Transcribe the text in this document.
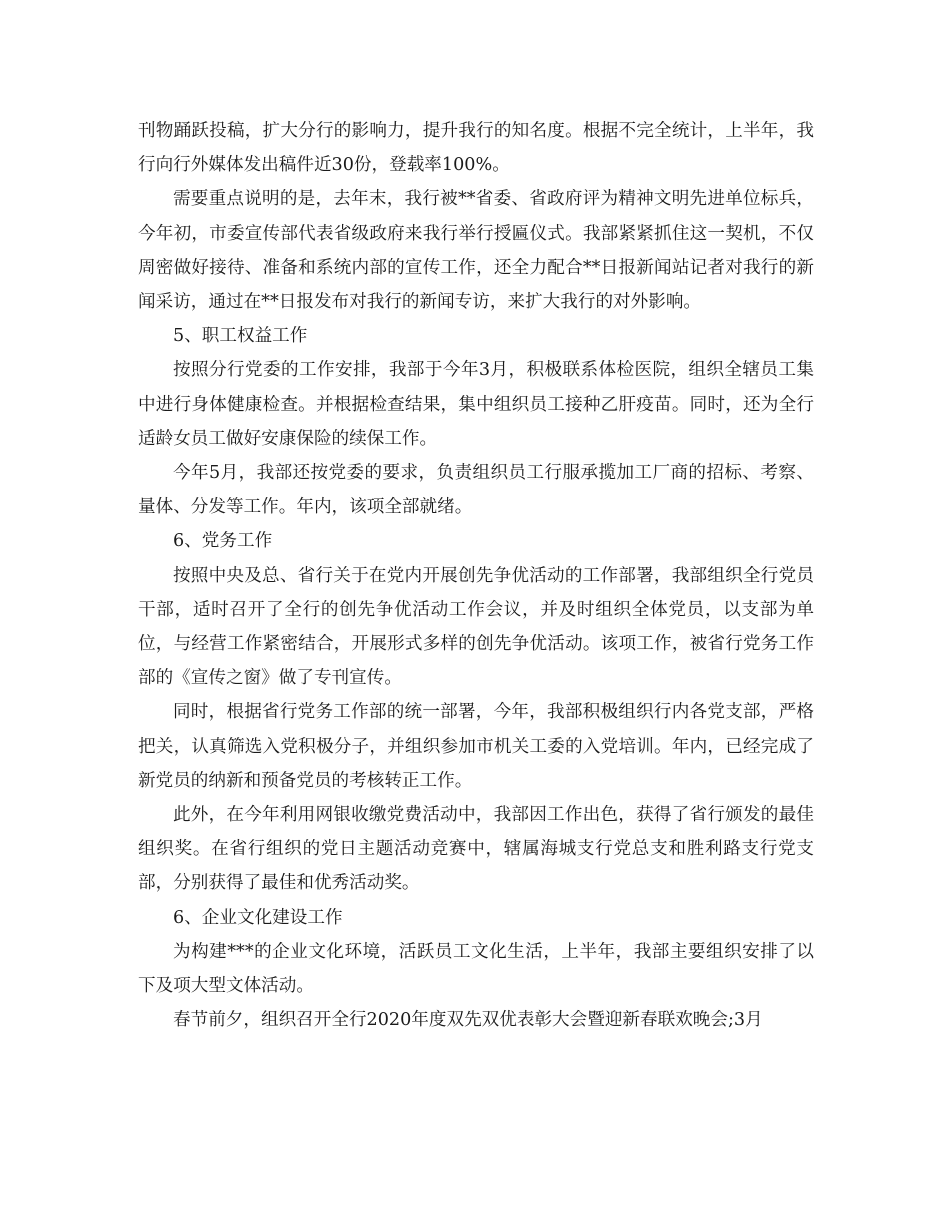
刊物踊跃投稿，扩大分行的影响力，提升我行的知名度。根据不完全统计，上半年，我行向行外媒体发出稿件近30份，登载率100%。

需要重点说明的是，去年末，我行被**省委、省政府评为精神文明先进单位标兵，今年初，市委宣传部代表省级政府来我行举行授匾仪式。我部紧紧抓住这一契机，不仅周密做好接待、准备和系统内部的宣传工作，还全力配合**日报新闻站记者对我行的新闻采访，通过在**日报发布对我行的新闻专访，来扩大我行的对外影响。

5、职工权益工作

按照分行党委的工作安排，我部于今年3月，积极联系体检医院，组织全辖员工集中进行身体健康检查。并根据检查结果，集中组织员工接种乙肝疫苗。同时，还为全行适龄女员工做好安康保险的续保工作。

今年5月，我部还按党委的要求，负责组织员工行服承揽加工厂商的招标、考察、量体、分发等工作。年内，该项全部就绪。

6、党务工作

按照中央及总、省行关于在党内开展创先争优活动的工作部署，我部组织全行党员干部，适时召开了全行的创先争优活动工作会议，并及时组织全体党员，以支部为单位，与经营工作紧密结合，开展形式多样的创先争优活动。该项工作，被省行党务工作部的《宣传之窗》做了专刊宣传。

同时，根据省行党务工作部的统一部署，今年，我部积极组织行内各党支部，严格把关，认真筛选入党积极分子，并组织参加市机关工委的入党培训。年内，已经完成了新党员的纳新和预备党员的考核转正工作。

此外，在今年利用网银收缴党费活动中，我部因工作出色，获得了省行颁发的最佳组织奖。在省行组织的党日主题活动竞赛中，辖属海城支行党总支和胜利路支行党支部，分别获得了最佳和优秀活动奖。

6、企业文化建设工作

为构建***的企业文化环境，活跃员工文化生活，上半年，我部主要组织安排了以下及项大型文体活动。

春节前夕，组织召开全行2020年度双先双优表彰大会暨迎新春联欢晚会;3月
